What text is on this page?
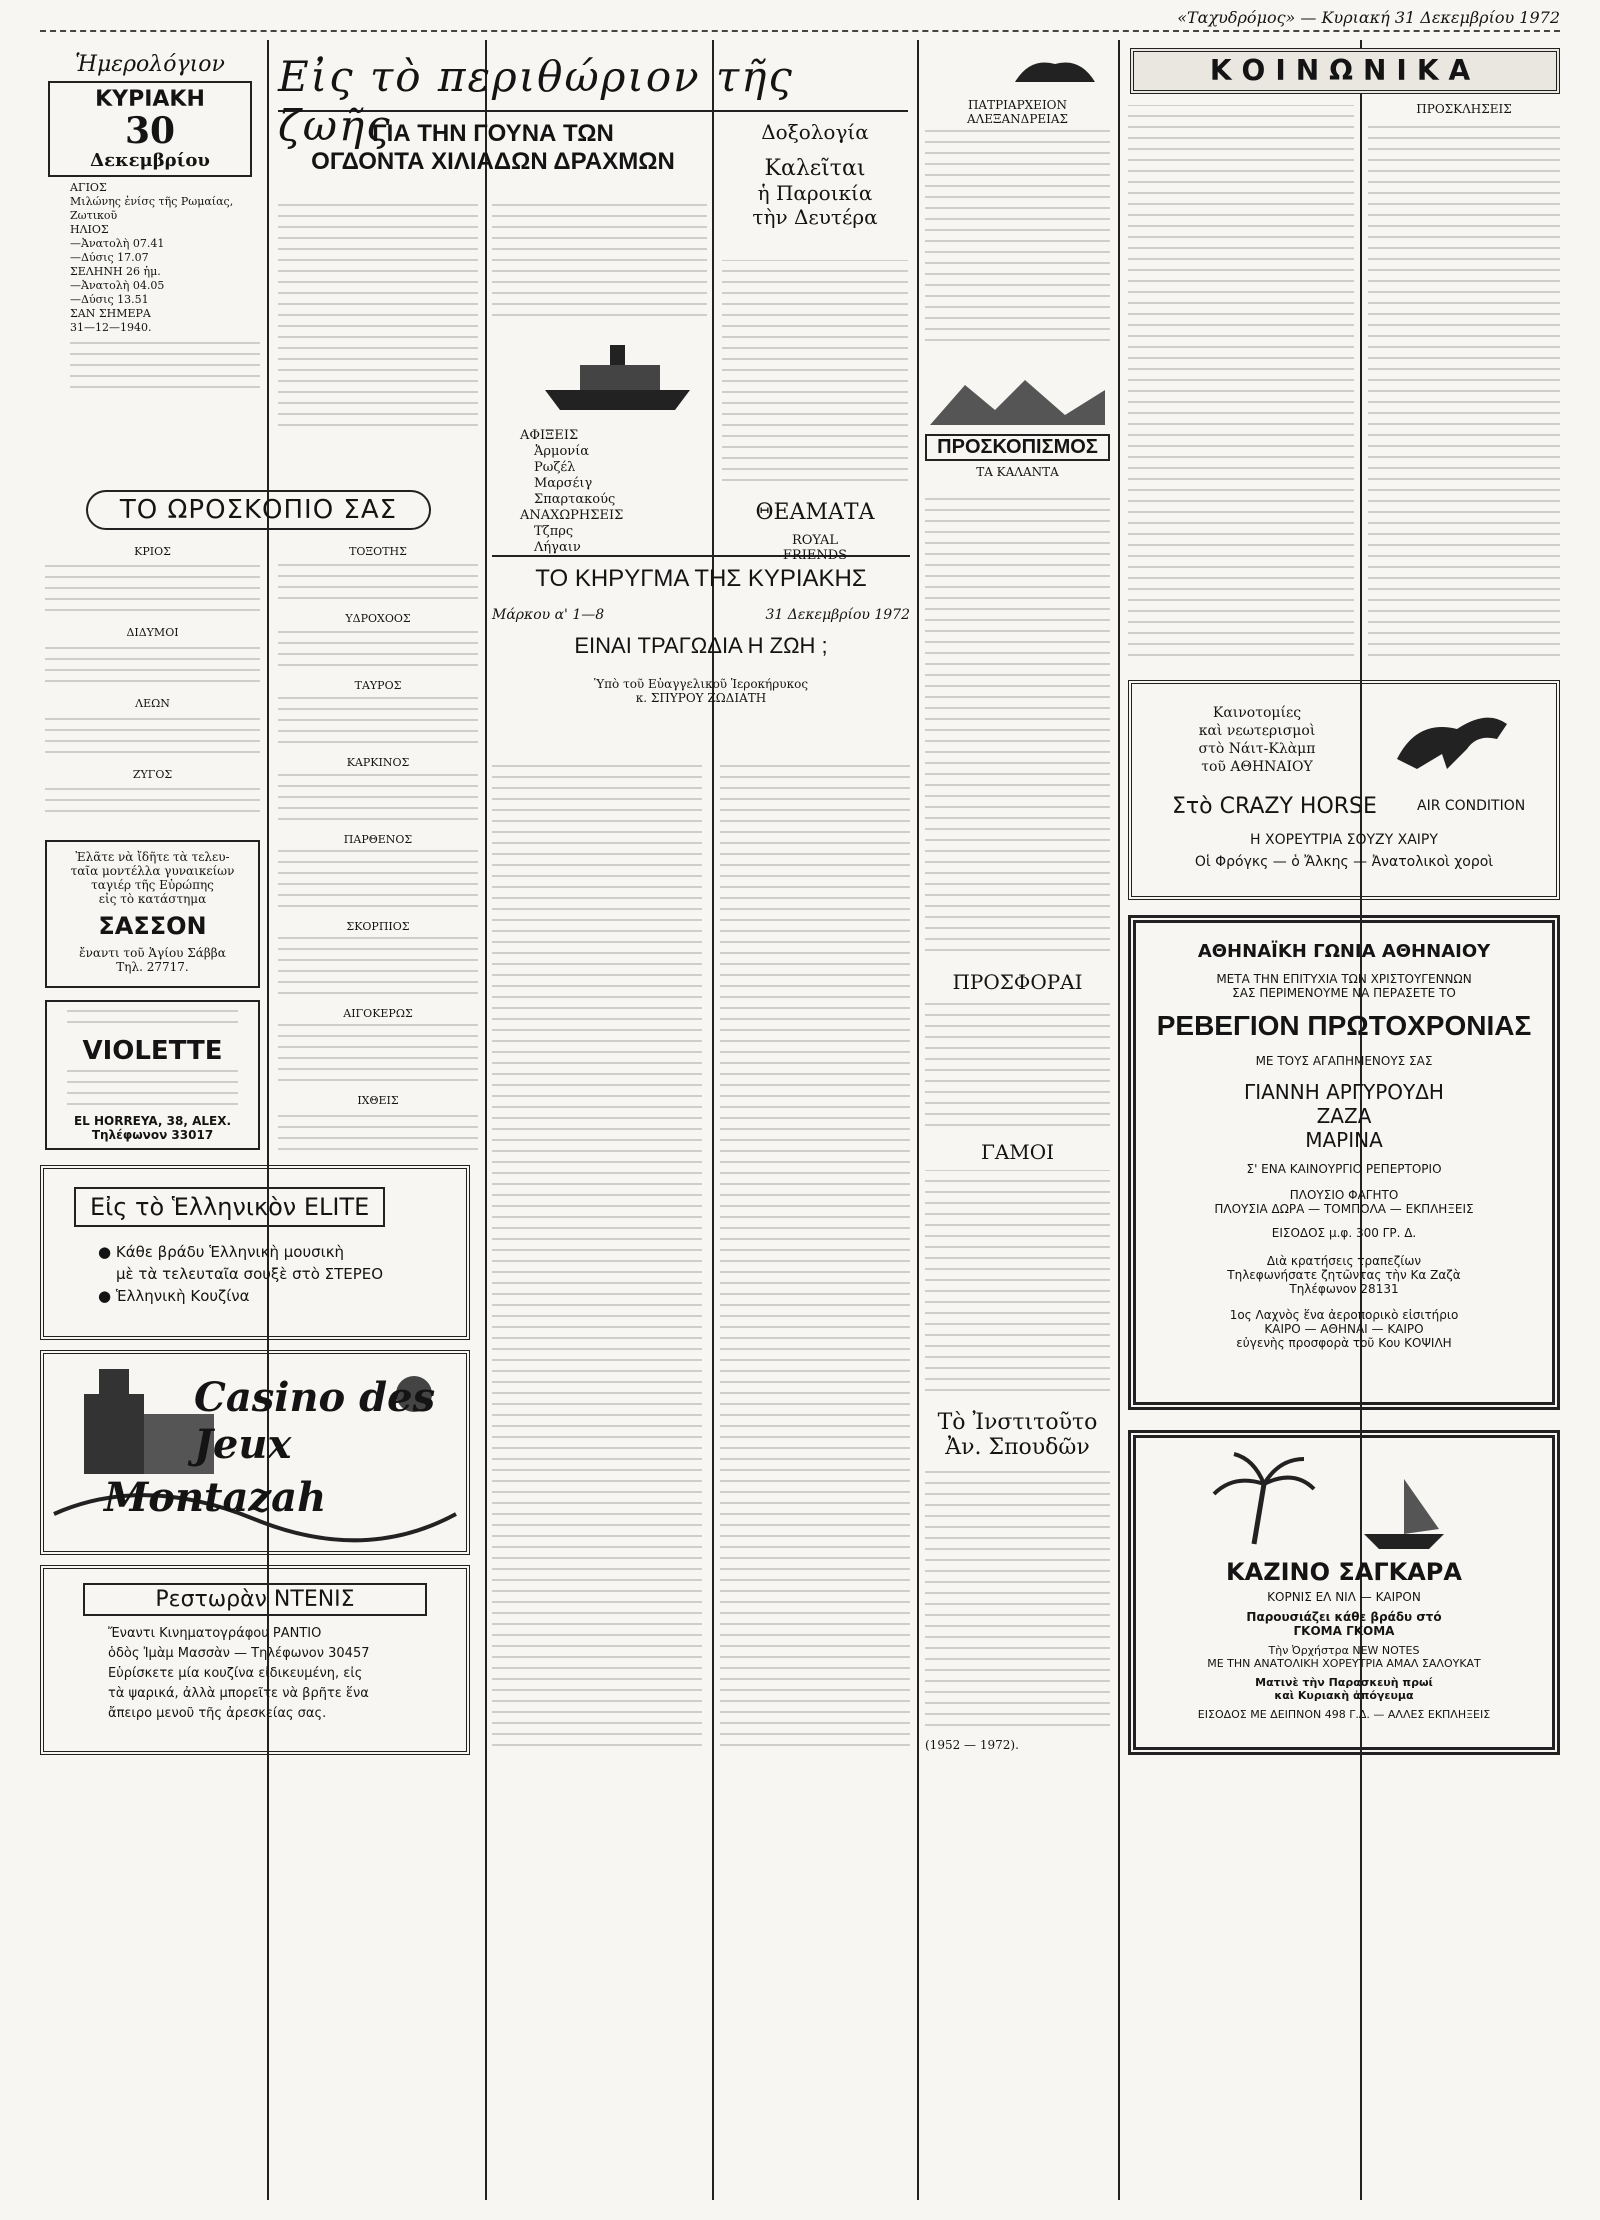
«Ταχυδρόμος» — Κυριακή 31 Δεκεμβρίου 1972
Ἡμερολόγιον
ΚΥΡΙΑΚΗ
30
Δεκεμβρίου
ΑΓΙΟΣ
Μιλώνης ἐνίσς τῆς Ρωμαίας,
Ζωτικοῦ
ΗΛΙΟΣ
—Ἀνατολὴ 07.41
—Δύσις 17.07
ΣΕΛΗΝΗ 26 ἡμ.
—Ἀνατολὴ 04.05
—Δύσις 13.51
ΣΑΝ ΣΗΜΕΡΑ
31—12—1940.
ΤΟ ΩΡΟΣΚΟΠΙΟ ΣΑΣ
ΚΡΙΟΣ
ΔΙΔΥΜΟΙ
ΛΕΩΝ
ΖΥΓΟΣ
Ἐλᾶτε νὰ ἴδῆτε τὰ τελευ-
ταῖα μοντέλλα γυναικείων
ταγιέρ τῆς Εὐρώπης
εἰς τὸ κατάστημα
ΣΑΣΣΟΝ
ἔναντι τοῦ Ἁγίου Σάββα
Τηλ. 27717.
VIOLETTE
EL HORREYA, 38, ALEX.
Τηλέφωνον 33017
Εἰς τὸ Ἑλληνικὸν ELITE
● Κάθε βράδυ Ἑλληνικὴ μουσικὴ
μὲ τὰ τελευταῖα σουξὲ στὸ ΣΤΕΡΕΟ
● Ἑλληνικὴ Κουζίνα
Casino des Jeux
Montazah
Ρεστωρὰν ΝΤΕΝΙΣ
Ἔναντι Κινηματογράφου ΡΑΝΤΙΟ
ὁδὸς Ἰμὰμ Μασσὰν — Τηλέφωνον 30457
Εὑρίσκετε μία κουζίνα εἰδικευμένη, εἰς
τὰ ψαρικά, ἀλλὰ μπορεῖτε νὰ βρῆτε ἕνα
ἄπειρο μενοῦ τῆς ἀρεσκείας σας.
Εἰς τὸ περιθώριον τῆς ζωῆς
ΓΙΑ ΤΗΝ ΓΟΥΝΑ ΤΩΝ
ΟΓΔΟΝΤΑ ΧΙΛΙΑΔΩΝ ΔΡΑΧΜΩΝ
ΑΦΙΞΕΙΣ
Ἀρμονία
Ρωζέλ
Μαρσέιγ
Σπαρτακούς
ΑΝΑΧΩΡΗΣΕΙΣ
Τζπρς
Λήγαιν
ΤΟΞΟΤΗΣ
ΥΔΡΟΧΟΟΣ
ΤΑΥΡΟΣ
ΚΑΡΚΙΝΟΣ
ΠΑΡΘΕΝΟΣ
ΣΚΟΡΠΙΟΣ
ΑΙΓΟΚΕΡΩΣ
ΙΧΘΕΙΣ
ΤΟ ΚΗΡΥΓΜΑ ΤΗΣ ΚΥΡΙΑΚΗΣ
Μάρκου α' 1—8	31 Δεκεμβρίου 1972
ΕΙΝΑΙ ΤΡΑΓΩΔΙΑ Η ΖΩΗ ;
Ὑπὸ τοῦ Εὐαγγελικοῦ Ἱεροκήρυκος
κ. ΣΠΥΡΟΥ ΖΩΔΙΑΤΗ
Δοξολογία
Καλεῖται
ἡ Παροικία
τὴν Δευτέρα
ΘΕΑΜΑΤΑ
ROYAL
FRIENDS
ΠΑΤΡΙΑΡΧΕΙΟΝ ΑΛΕΞΑΝΔΡΕΙΑΣ
ΠΡΟΣΚΟΠΙΣΜΟΣ
ΤΑ ΚΑΛΑΝΤΑ
ΠΡΟΣΦΟΡΑΙ
ΓΑΜΟΙ
Τὸ Ἰνστιτοῦτο
Ἀν. Σπουδῶν
(1952 — 1972).
ΚΟΙΝΩΝΙΚΑ
ΠΡΟΣΚΛΗΣΕΙΣ
Καινοτομίες
καὶ νεωτερισμοὶ
στὸ Νάιτ-Κλὰμπ
τοῦ ΑΘΗΝΑΙΟΥ
Στὸ CRAZY HORSE	AIR CONDITION
Η ΧΟΡΕΥΤΡΙΑ ΣΟΥΖΥ ΧΑΙΡΥ
Οἱ Φρόγκς — ὁ Ἄλκης — Ἀνατολικοὶ χοροὶ
ΑΘΗΝΑΪΚΗ ΓΩΝΙΑ ΑΘΗΝΑΙΟΥ
ΜΕΤΑ ΤΗΝ ΕΠΙΤΥΧΙΑ ΤΩΝ ΧΡΙΣΤΟΥΓΕΝΝΩΝ
ΣΑΣ ΠΕΡΙΜΕΝΟΥΜΕ ΝΑ ΠΕΡΑΣΕΤΕ ΤΟ
ΡΕΒΕΓΙΟΝ ΠΡΩΤΟΧΡΟΝΙΑΣ
ΜΕ ΤΟΥΣ ΑΓΑΠΗΜΕΝΟΥΣ ΣΑΣ
ΓΙΑΝΝΗ ΑΡΓΥΡΟΥΔΗ
ΖΑΖΑ
ΜΑΡΙΝΑ
Σ' ΕΝΑ ΚΑΙΝΟΥΡΓΙΟ ΡΕΠΕΡΤΟΡΙΟ
ΠΛΟΥΣΙΟ ΦΑΓΗΤΟ
ΠΛΟΥΣΙΑ ΔΩΡΑ — ΤΟΜΠΟΛΑ — ΕΚΠΛΗΞΕΙΣ
ΕΙΣΟΔΟΣ μ.φ. 300 ΓΡ. Δ.
Διὰ κρατήσεις τραπεζίων
Τηλεφωνήσατε ζητῶντας τὴν Κα Ζαζὰ
Τηλέφωνον 28131
1ος Λαχνὸς ἕνα ἀεροπορικὸ εἰσιτήριο
ΚΑΙΡΟ — ΑΘΗΝΑΙ — ΚΑΙΡΟ
εὐγενὴς προσφορὰ τοῦ Κου ΚΟΨΙΛΗ
ΚΑΖΙΝΟ ΣΑΓΚΑΡΑ
ΚΟΡΝΙΣ ΕΛ ΝΙΛ — ΚΑΙΡΟΝ
Παρουσιάζει κάθε βράδυ στό
ΓΚΟΜΑ ΓΚΟΜΑ
Τὴν Ὀρχήστρα NEW NOTES
ΜΕ ΤΗΝ ΑΝΑΤΟΛΙΚΗ ΧΟΡΕΥΤΡΙΑ ΑΜΑΛ ΣΑΛΟΥΚΑΤ
Ματινὲ τὴν Παρασκευὴ πρωί
καὶ Κυριακὴ ἀπόγευμα
ΕΙΣΟΔΟΣ ΜΕ ΔΕΙΠΝΟΝ 498 Γ.Δ. — ΑΛΛΕΣ ΕΚΠΛΗΞΕΙΣ
